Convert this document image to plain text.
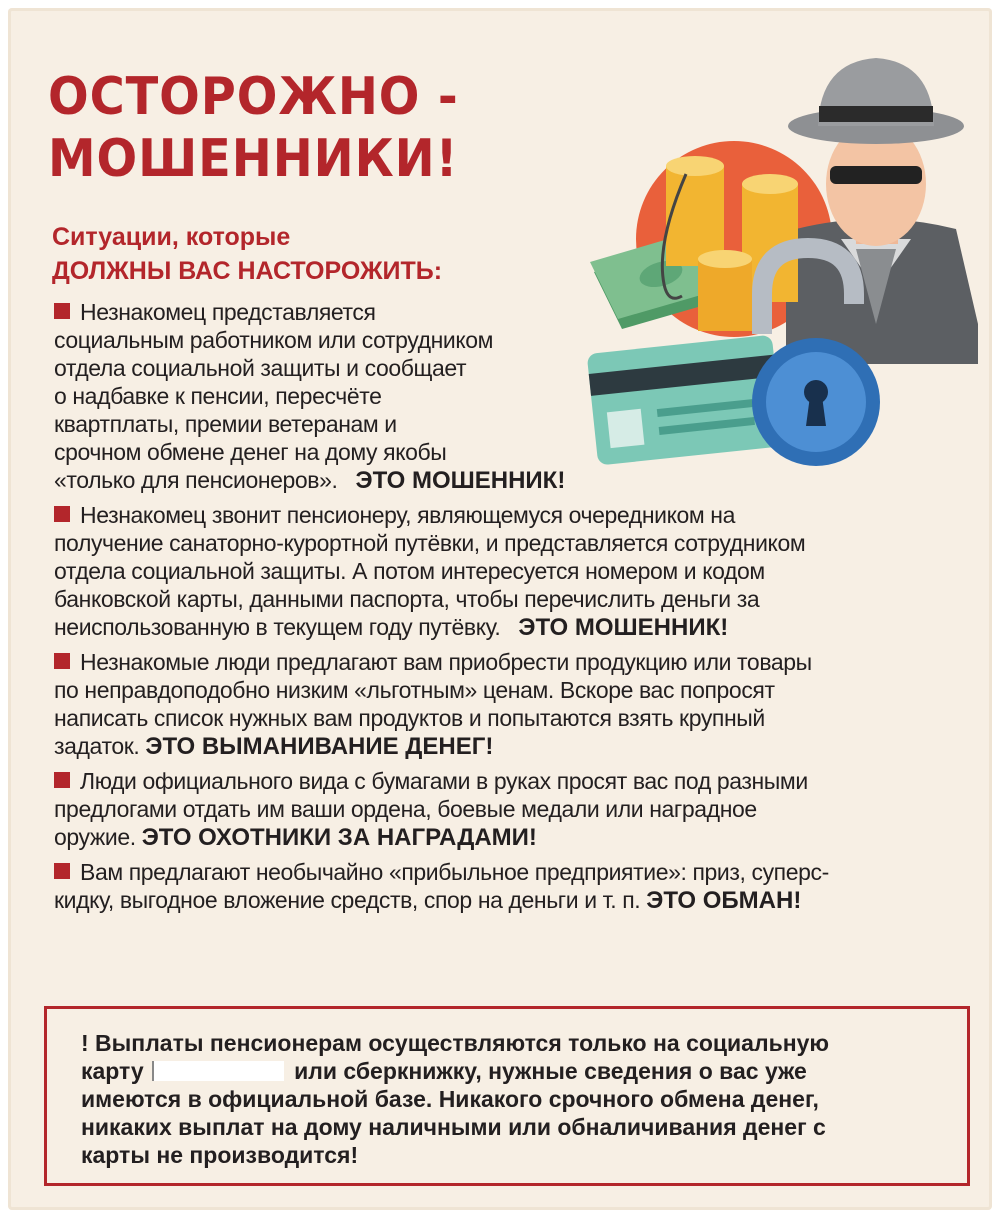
ОСТОРОЖНО -
МОШЕННИКИ!
Ситуации, которые
ДОЛЖНЫ ВАС НАСТОРОЖИТЬ:

Незнакомец представляется

социальным работником или сотрудником

отдела социальной защиты и сообщает

о надбавке к пенсии, пересчёте

квартплаты, премии ветеранам и

срочном обмене денег на дому якобы

«только для пенсионеров». ЭТО МОШЕННИК!

Незнакомец звонит пенсионеру, являющемуся очередником на

получение санаторно-курортной путёвки, и представляется сотрудником

отдела социальной защиты. А потом интересуется номером и кодом

банковской карты, данными паспорта, чтобы перечислить деньги за

неиспользованную в текущем году путёвку. ЭТО МОШЕННИК!

Незнакомые люди предлагают вам приобрести продукцию или товары

по неправдоподобно низким «льготным» ценам. Вскоре вас попросят

написать список нужных вам продуктов и попытаются взять крупный

задаток. ЭТО ВЫМАНИВАНИЕ ДЕНЕГ!

Люди официального вида с бумагами в руках просят вас под разными

предлогами отдать им ваши ордена, боевые медали или наградное

оружие. ЭТО ОХОТНИКИ ЗА НАГРАДАМИ!

Вам предлагают необычайно «прибыльное предприятие»: приз, суперс-

кидку, выгодное вложение средств, спор на деньги и т. п. ЭТО ОБМАН!

! Выплаты пенсионерам осуществляются только на социальную

карту	или сберкнижку, нужные сведения о вас уже

имеются в официальной базе. Никакого срочного обмена денег,

никаких выплат на дому наличными или обналичивания денег с

карты не производится!
